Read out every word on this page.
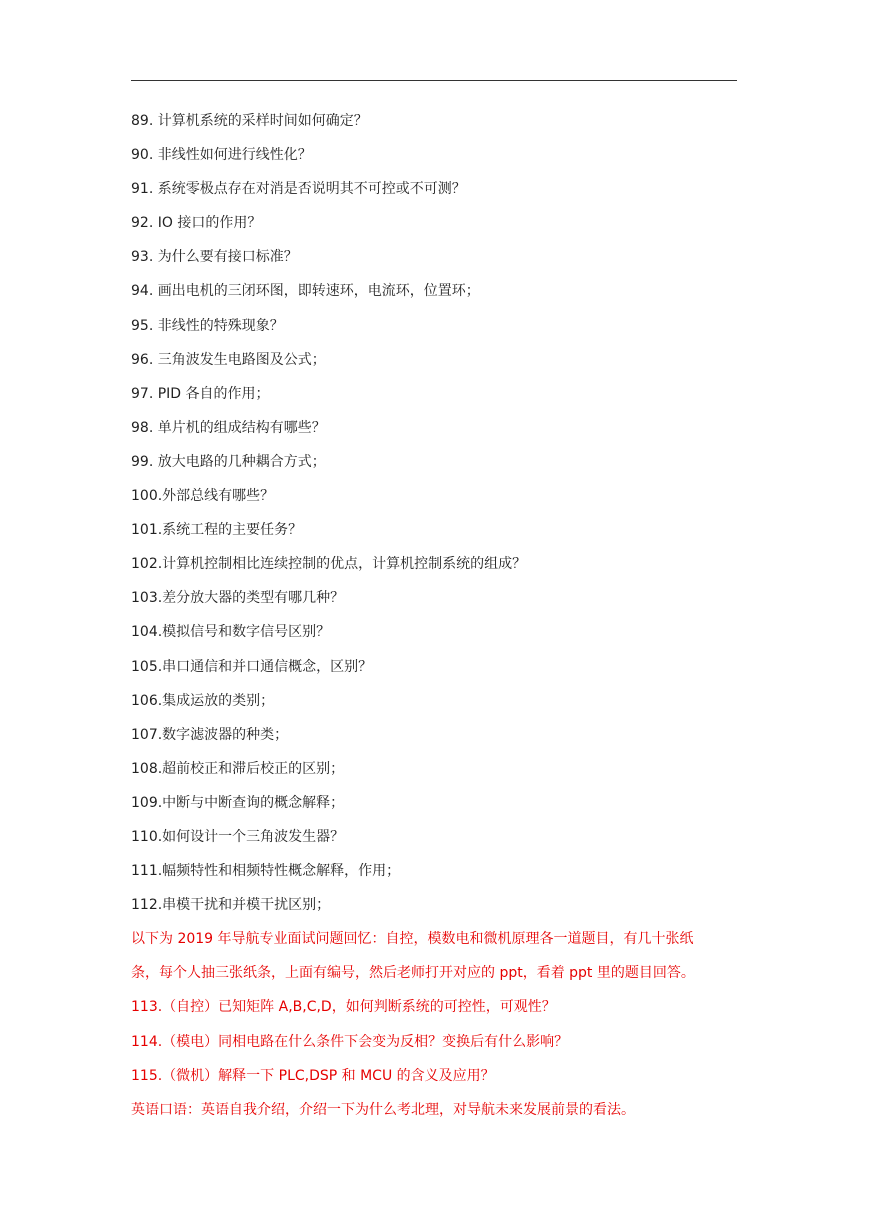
89. 计算机系统的采样时间如何确定？
90. 非线性如何进行线性化？
91. 系统零极点存在对消是否说明其不可控或不可测？
92. IO 接口的作用？
93. 为什么要有接口标准？
94. 画出电机的三闭环图，即转速环，电流环，位置环；
95. 非线性的特殊现象？
96. 三角波发生电路图及公式；
97. PID 各自的作用；
98. 单片机的组成结构有哪些？
99. 放大电路的几种耦合方式；
100.外部总线有哪些？
101.系统工程的主要任务？
102.计算机控制相比连续控制的优点，计算机控制系统的组成？
103.差分放大器的类型有哪几种？
104.模拟信号和数字信号区别？
105.串口通信和并口通信概念，区别？
106.集成运放的类别；
107.数字滤波器的种类；
108.超前校正和滞后校正的区别；
109.中断与中断查询的概念解释；
110.如何设计一个三角波发生器？
111.幅频特性和相频特性概念解释，作用；
112.串模干扰和并模干扰区别；
以下为 2019 年导航专业面试问题回忆：自控，模数电和微机原理各一道题目，有几十张纸
条，每个人抽三张纸条，上面有编号，然后老师打开对应的 ppt，看着 ppt 里的题目回答。
113.（自控）已知矩阵 A,B,C,D，如何判断系统的可控性，可观性？
114.（模电）同相电路在什么条件下会变为反相？变换后有什么影响？
115.（微机）解释一下 PLC,DSP 和 MCU 的含义及应用？
英语口语：英语自我介绍，介绍一下为什么考北理，对导航未来发展前景的看法。
